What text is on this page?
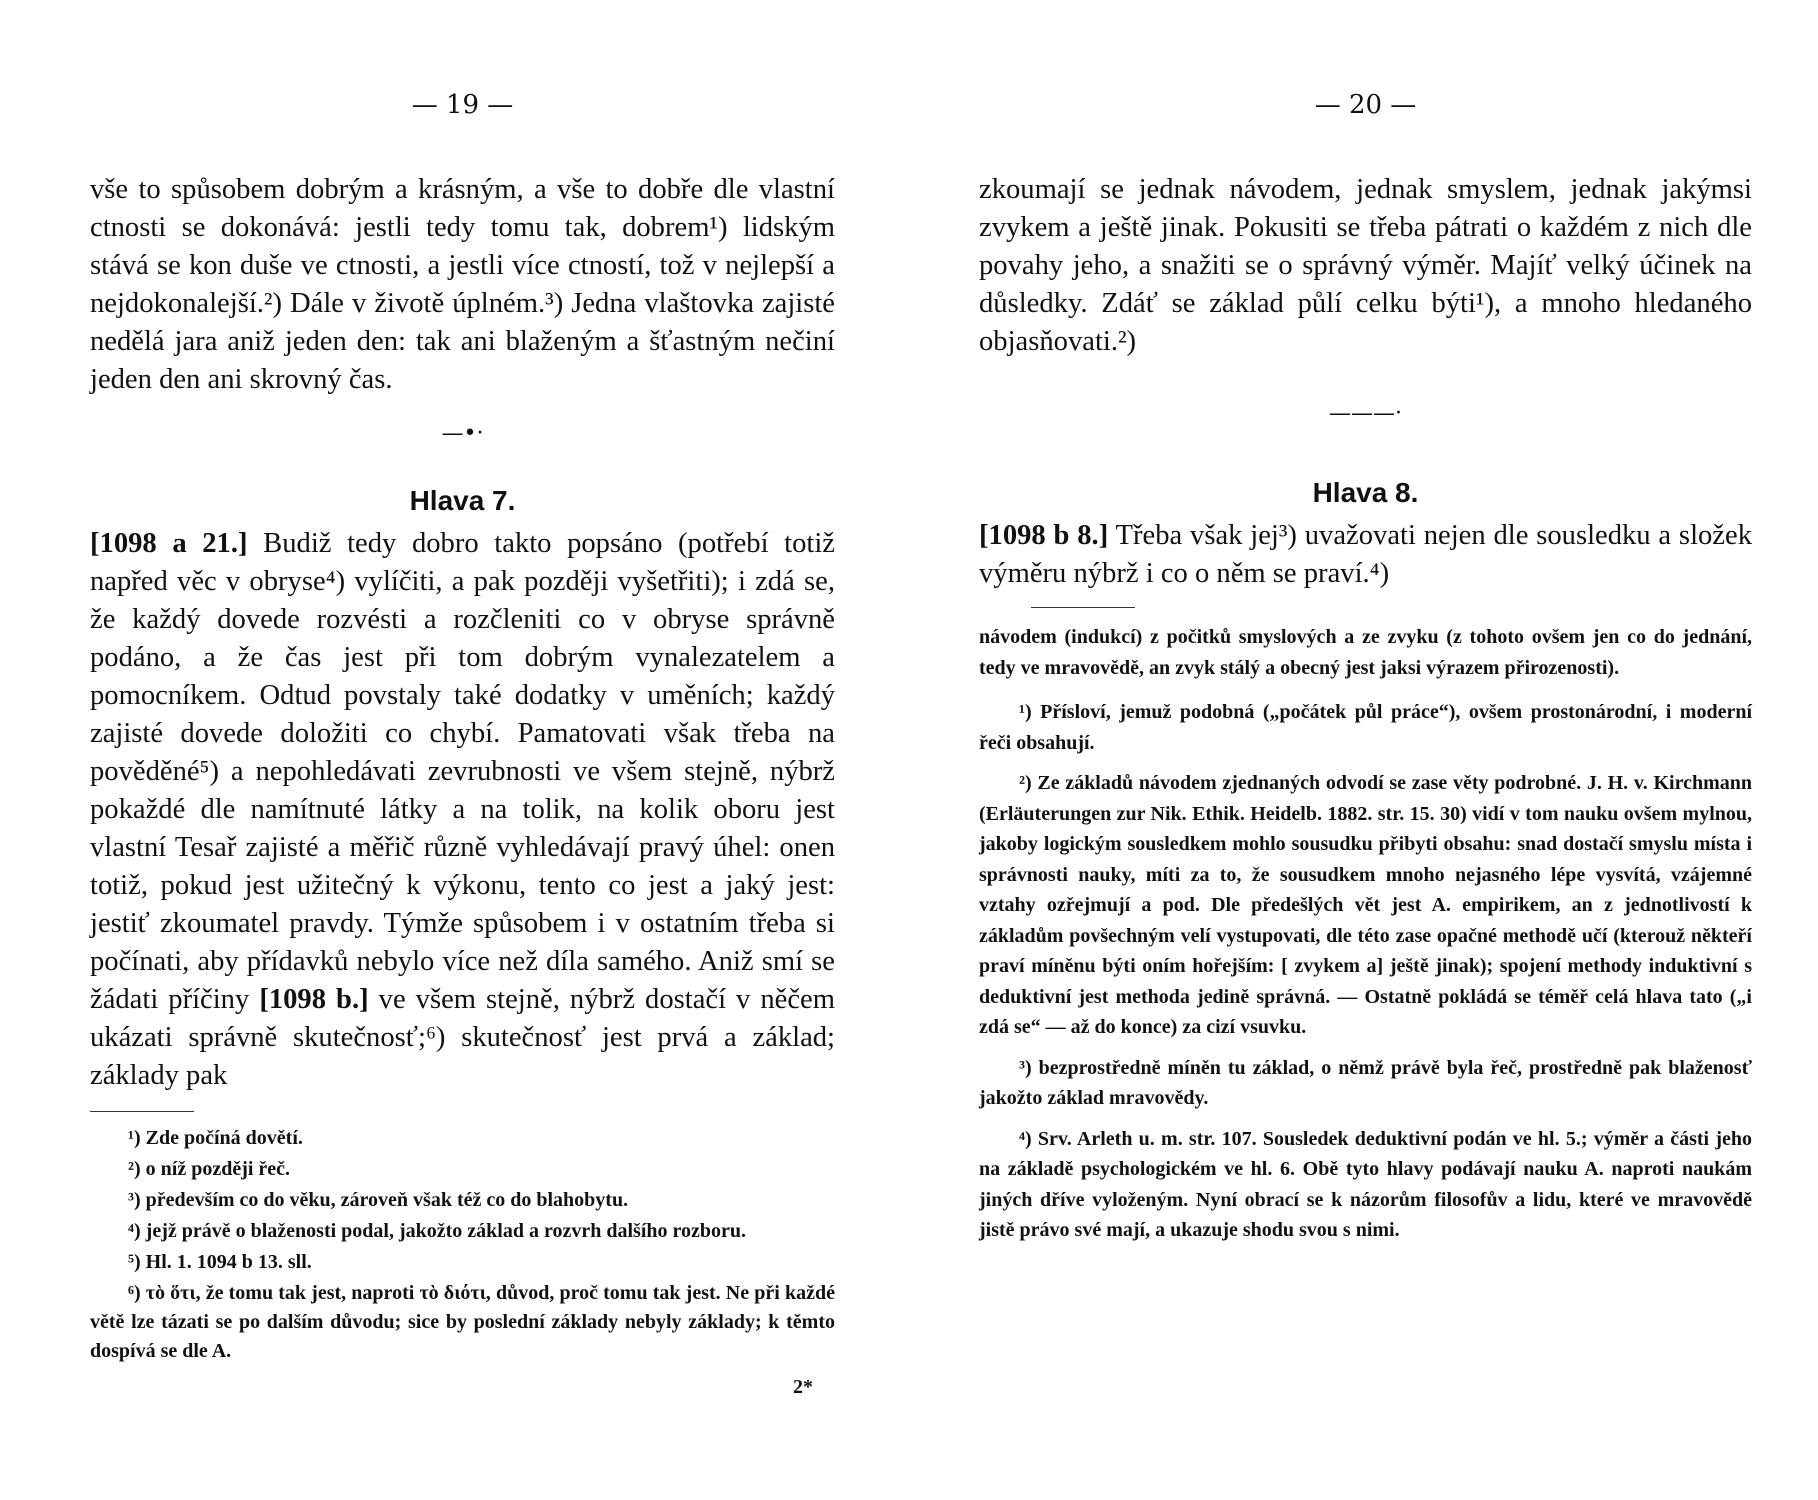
— 19 —

vše to spůsobem dobrým a krásným, a vše to dobře dle vlastní ctnosti se dokonává: jestli tedy tomu tak, dobrem¹) lidským stává se kon duše ve ctnosti, a jestli více ctností, tož v nejlepší a nejdokonalejší.²) Dále v životě úplném.³) Jedna vlaštovka zajisté nedělá jara aniž jeden den: tak ani blaženým a šťastným nečiní jeden den ani skrovný čas.

—•·
Hlava 7.

[1098 a 21.] Budiž tedy dobro takto popsáno (potřebí totiž napřed věc v obryse⁴) vylíčiti, a pak později vyšetřiti); i zdá se, že každý dovede rozvésti a rozčleniti co v obryse správně podáno, a že čas jest při tom dobrým vynalezatelem a pomocníkem. Odtud povstaly také dodatky v uměních; každý zajisté dovede doložiti co chybí. Pamatovati však třeba na pověděné⁵) a nepohledávati zevrubnosti ve všem stejně, nýbrž pokaždé dle namítnuté látky a na tolik, na kolik oboru jest vlastní Tesař zajisté a měřič různě vyhledávají pravý úhel: onen totiž, pokud jest užitečný k výkonu, tento co jest a jaký jest: jestiť zkoumatel pravdy. Týmže spůsobem i v ostatním třeba si počínati, aby přídavků nebylo více než díla samého. Aniž smí se žádati příčiny [1098 b.] ve všem stejně, nýbrž dostačí v něčem ukázati správně skutečnosť;⁶) skutečnosť jest prvá a základ; základy pak

¹) Zde počíná dovětí.

²) o níž později řeč.

³) především co do věku, zároveň však též co do blahobytu.

⁴) jejž právě o blaženosti podal, jakožto základ a rozvrh dalšího rozboru.

⁵) Hl. 1. 1094 b 13. sll.

⁶) τὸ ὅτι, že tomu tak jest, naproti τὸ διότι, důvod, proč tomu tak jest. Ne při každé větě lze tázati se po dalším důvodu; sice by poslední základy nebyly základy; k těmto dospívá se dle A.

2*
— 20 —

zkoumají se jednak návodem, jednak smyslem, jednak jakýmsi zvykem a ještě jinak. Pokusiti se třeba pátrati o každém z nich dle povahy jeho, a snažiti se o správný výměr. Majíť velký účinek na důsledky. Zdáť se základ půlí celku býti¹), a mnoho hledaného objasňovati.²)

———·
Hlava 8.

[1098 b 8.] Třeba však jej³) uvažovati nejen dle sousledku a složek výměru nýbrž i co o něm se praví.⁴)

návodem (indukcí) z počitků smyslových a ze zvyku (z tohoto ovšem jen co do jednání, tedy ve mravovědě, an zvyk stálý a obecný jest jaksi výrazem přirozenosti).

¹) Přísloví, jemuž podobná („počátek půl práce“), ovšem prostonárodní, i moderní řeči obsahují.

²) Ze základů návodem zjednaných odvodí se zase věty podrobné. J. H. v. Kirchmann (Erläuterungen zur Nik. Ethik. Heidelb. 1882. str. 15. 30) vidí v tom nauku ovšem mylnou, jakoby logickým sousledkem mohlo sousudku přibyti obsahu: snad dostačí smyslu místa i správnosti nauky, míti za to, že sousudkem mnoho nejasného lépe vysvítá, vzájemné vztahy ozřejmují a pod. Dle předešlých vět jest A. empirikem, an z jednotlivostí k základům povšechným velí vystupovati, dle této zase opačné methodě učí (kterouž někteří praví míněnu býti oním hořejším: [ zvykem a] ještě jinak); spojení methody induktivní s deduktivní jest methoda jedině správná. — Ostatně pokládá se téměř celá hlava tato („i zdá se“ — až do konce) za cizí vsuvku.

³) bezprostředně míněn tu základ, o němž právě byla řeč, prostředně pak blaženosť jakožto základ mravovědy.

⁴) Srv. Arleth u. m. str. 107. Sousledek deduktivní podán ve hl. 5.; výměr a části jeho na základě psychologickém ve hl. 6. Obě tyto hlavy podávají nauku A. naproti naukám jiných dříve vyloženým. Nyní obrací se k názorům filosofův a lidu, které ve mravovědě jistě právo své mají, a ukazuje shodu svou s nimi.
